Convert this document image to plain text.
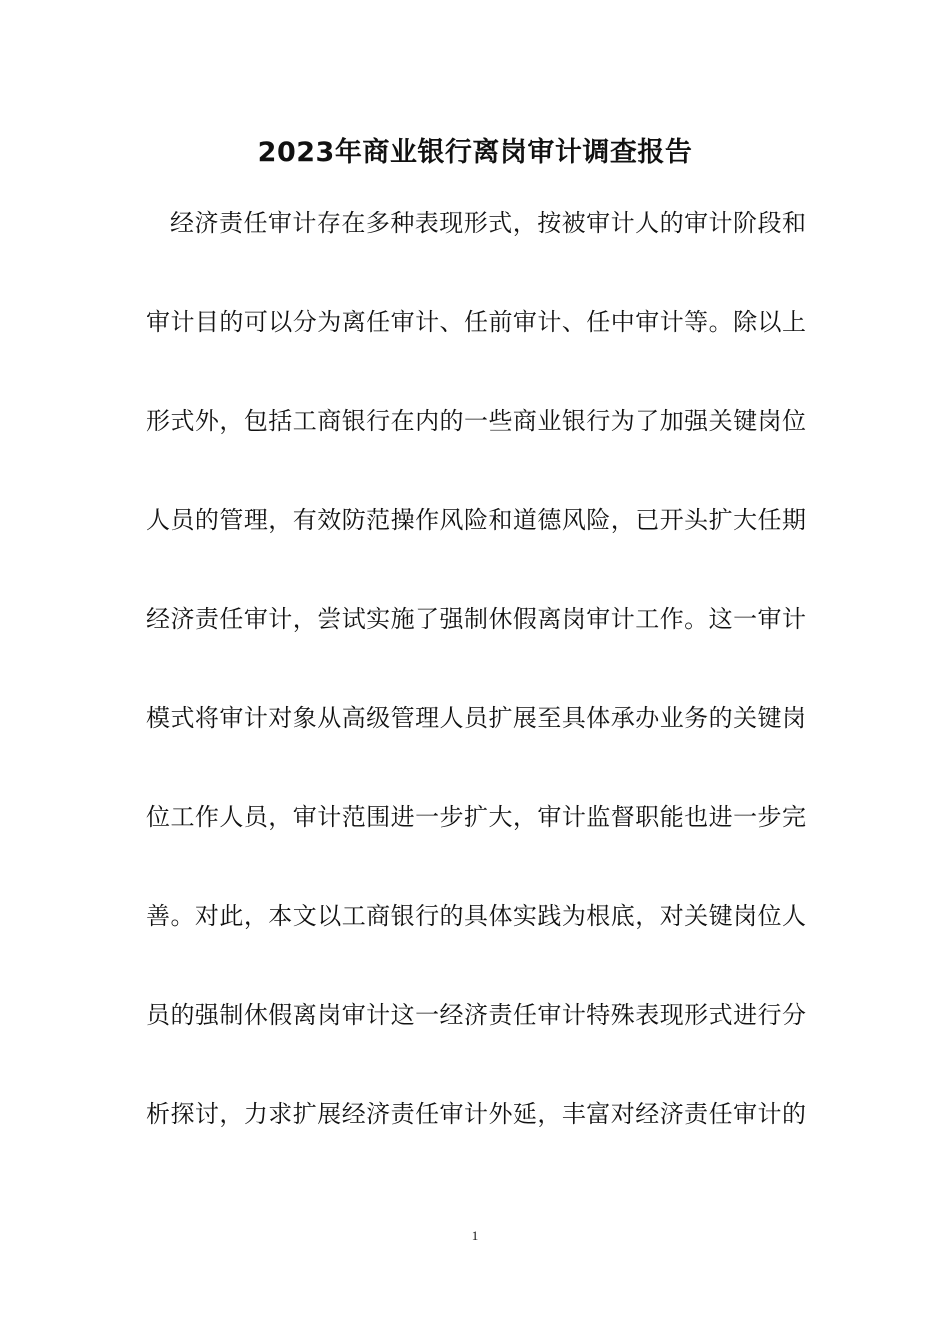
2023年商业银行离岗审计调查报告
经济责任审计存在多种表现形式，按被审计人的审计阶段和
审计目的可以分为离任审计、任前审计、任中审计等。除以上
形式外，包括工商银行在内的一些商业银行为了加强关键岗位
人员的管理，有效防范操作风险和道德风险，已开头扩大任期
经济责任审计，尝试实施了强制休假离岗审计工作。这一审计
模式将审计对象从高级管理人员扩展至具体承办业务的关键岗
位工作人员，审计范围进一步扩大，审计监督职能也进一步完
善。对此，本文以工商银行的具体实践为根底，对关键岗位人
员的强制休假离岗审计这一经济责任审计特殊表现形式进行分
析探讨，力求扩展经济责任审计外延，丰富对经济责任审计的
1
